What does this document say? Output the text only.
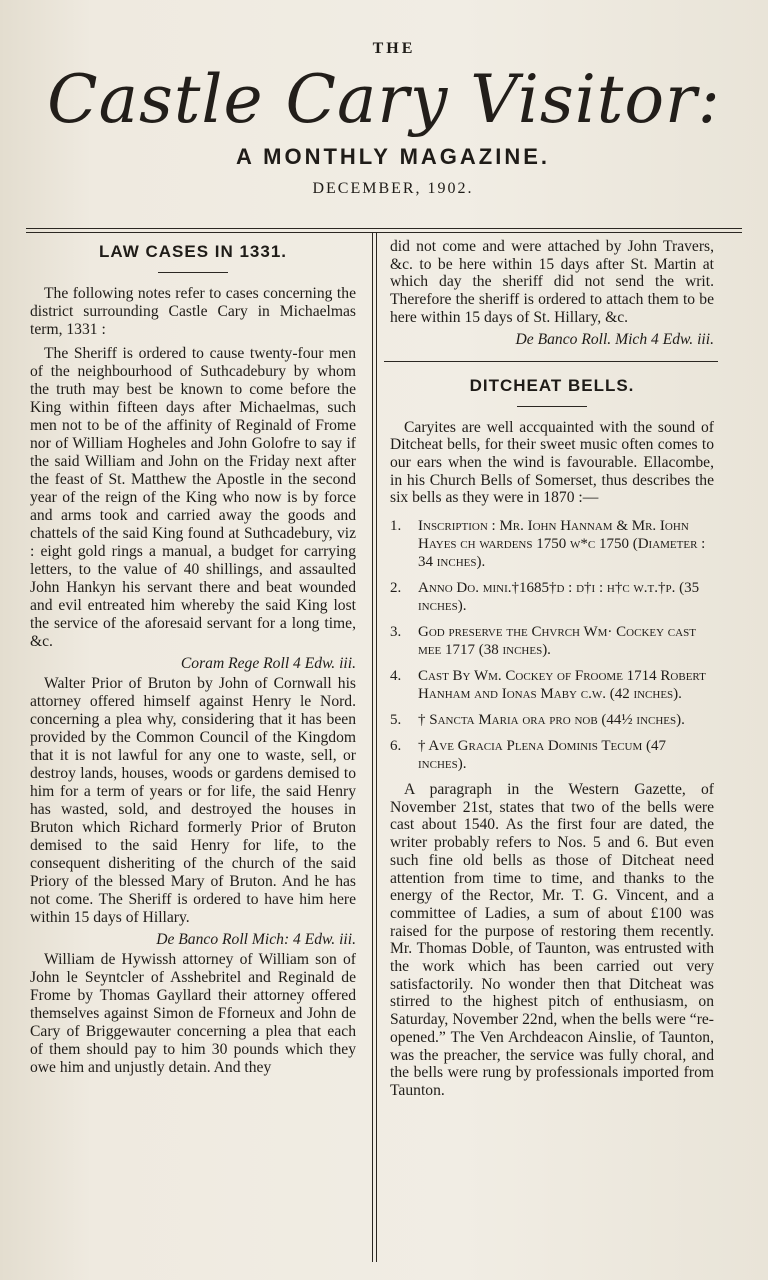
THE
Castle Cary Visitor:
A MONTHLY MAGAZINE.
DECEMBER, 1902.
LAW CASES IN 1331.

The following notes refer to cases concerning the district surrounding Castle Cary in Michaelmas term, 1331 :

The Sheriff is ordered to cause twenty-four men of the neighbourhood of Suthcadebury by whom the truth may best be known to come before the King within fifteen days after Michaelmas, such men not to be of the affinity of Reginald of Frome nor of William Hogheles and John Golofre to say if the said William and John on the Friday next after the feast of St. Matthew the Apostle in the second year of the reign of the King who now is by force and arms took and carried away the goods and chattels of the said King found at Suthcadebury, viz : eight gold rings a manual, a budget for carrying letters, to the value of 40 shillings, and assaulted John Hankyn his servant there and beat wounded and evil entreated him whereby the said King lost the service of the aforesaid servant for a long time, &c.

Coram Rege Roll 4 Edw. iii.

Walter Prior of Bruton by John of Cornwall his attorney offered himself against Henry le Nord. concerning a plea why, considering that it has been provided by the Common Council of the Kingdom that it is not lawful for any one to waste, sell, or destroy lands, houses, woods or gardens demised to him for a term of years or for life, the said Henry has wasted, sold, and destroyed the houses in Bruton which Richard formerly Prior of Bruton demised to the said Henry for life, to the consequent disheriting of the church of the said Priory of the blessed Mary of Bruton. And he has not come. The Sheriff is ordered to have him here within 15 days of Hillary.

De Banco Roll Mich: 4 Edw. iii.

William de Hywissh attorney of William son of John le Seyntcler of Asshebritel and Reginald de Frome by Thomas Gayllard their attorney offered themselves against Simon de Fforneux and John de Cary of Briggewauter concerning a plea that each of them should pay to him 30 pounds which they owe him and unjustly detain. And they

did not come and were attached by John Travers, &c. to be here within 15 days after St. Martin at which day the sheriff did not send the writ. Therefore the sheriff is ordered to attach them to be here within 15 days of St. Hillary, &c.

De Banco Roll. Mich 4 Edw. iii.
DITCHEAT BELLS.

Caryites are well accquainted with the sound of Ditcheat bells, for their sweet music often comes to our ears when the wind is favourable. Ellacombe, in his Church Bells of Somerset, thus describes the six bells as they were in 1870 :—

1.	Inscription : Mr. Iohn Hannam & Mr. Iohn Hayes ch wardens 1750 w*c 1750 (Diameter : 34 inches).
2.	Anno Do. mini.†1685†d : d†i : h†c w.t.†p. (35 inches).
3.	God preserve the Chvrch Wm· Cockey cast mee 1717 (38 inches).
4.	Cast By Wm. Cockey of Froome 1714 Robert Hanham and Ionas Maby c.w. (42 inches).
5.	† Sancta Maria ora pro nob (44½ inches).
6.	† Ave Gracia Plena Dominis Tecum (47 inches).

A paragraph in the Western Gazette, of November 21st, states that two of the bells were cast about 1540. As the first four are dated, the writer probably refers to Nos. 5 and 6. But even such fine old bells as those of Ditcheat need attention from time to time, and thanks to the energy of the Rector, Mr. T. G. Vincent, and a committee of Ladies, a sum of about £100 was raised for the purpose of restoring them recently. Mr. Thomas Doble, of Taunton, was entrusted with the work which has been carried out very satisfactorily. No wonder then that Ditcheat was stirred to the highest pitch of enthusiasm, on Saturday, November 22nd, when the bells were “re-opened.” The Ven Archdeacon Ainslie, of Taunton, was the preacher, the service was fully choral, and the bells were rung by professionals imported from Taunton.
